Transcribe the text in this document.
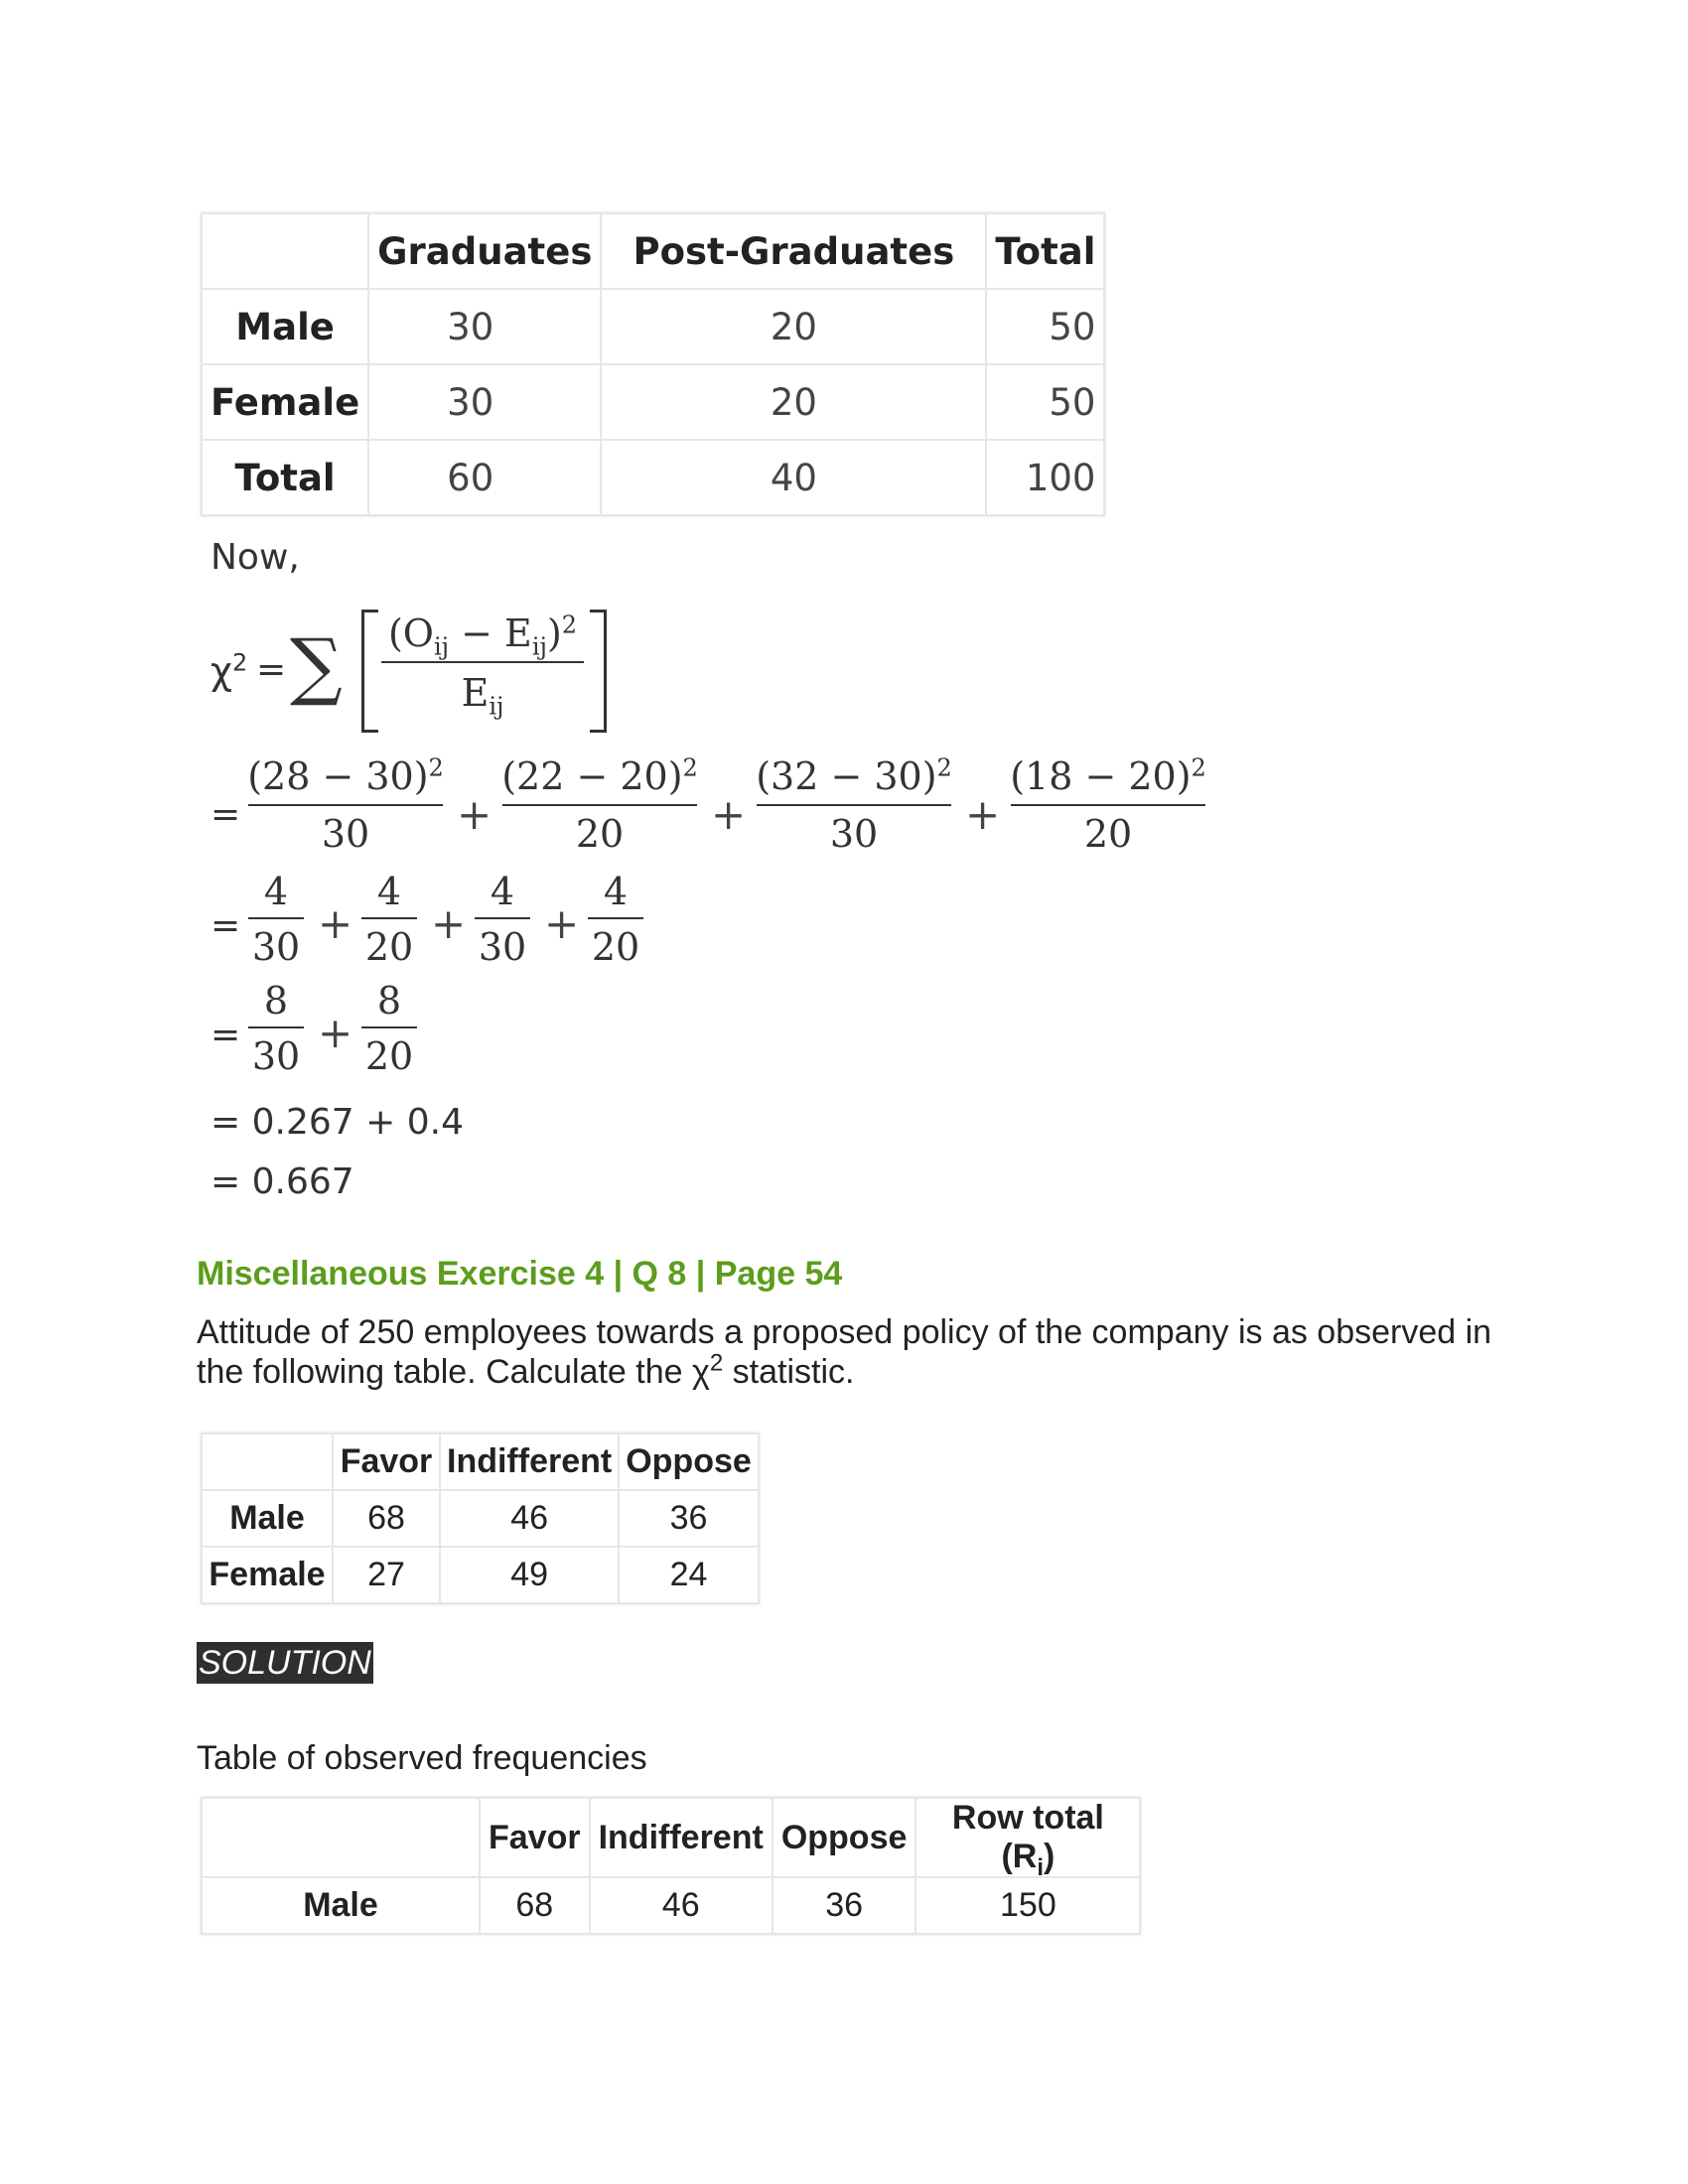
	Graduates	Post-Graduates	Total
Male	30	20	50
Female	30	20	50
Total	60	40	100
Now,
$\chi^2$ = ∑ $(O_{ij} - E_{ij})^2$
$E_{ij}$
=
$(28 - 30)^2$
30 +
$(22 - 20)^2$
20 +
$(32 - 30)^2$
30 +
$(18 - 20)^2$
20
=
4
30 +
4
20 +
4
30 +
4
20
=
8
30 +
8
20
= 0.267 + 0.4
= 0.667
Miscellaneous Exercise 4 | Q 8 | Page 54
Attitude of 250 employees towards a proposed policy of the company is as observed in the following table. Calculate the $\chi^2$ statistic.
	Favor	Indifferent	Oppose
Male	68	46	36
Female	27	49	24
SOLUTION
Table of observed frequencies
	Favor	Indifferent	Oppose	Row total $(R_i)$
Male	68	46	36	150
